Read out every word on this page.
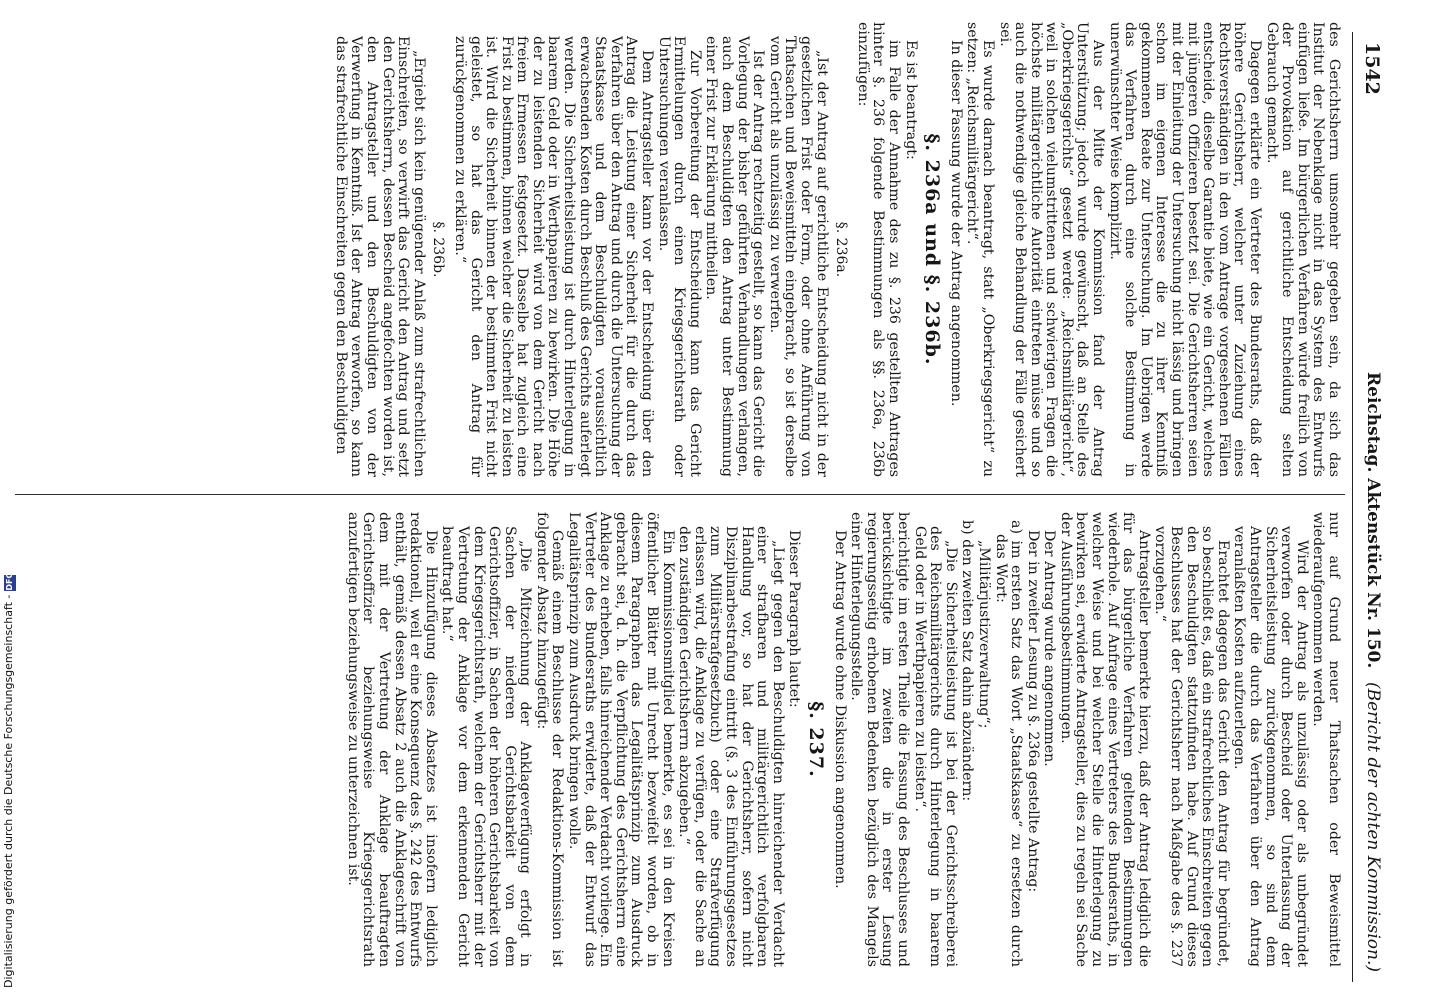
1542
Reichstag. Aktenstück Nr. 150.
(Bericht der achten Kommission.)

des Gerichtsherrn umsomehr gegeben sein, da sich das Institut der Nebenklage nicht in das System des Entwurfs einfügen ließe. Im bürgerlichen Verfahren würde freilich von der Provokation auf gerichtliche Entscheidung selten Gebrauch gemacht.

Dagegen erklärte ein Vertreter des Bundesraths, daß der höhere Gerichtsherr, welcher unter Zuziehung eines Rechtsverständigen in den vom Antrage vorgesehenen Fällen entscheide, dieselbe Garantie biete, wie ein Gericht, welches mit jüngeren Offizieren besetzt sei. Die Gerichtsherren seien mit der Einleitung der Untersuchung nicht lässig und bringen schon im eigenen Interesse die zu ihrer Kenntniß gekommenen Reate zur Untersuchung. Im Uebrigen werde das Verfahren durch eine solche Bestimmung in unerwünschter Weise komplizirt.

Aus der Mitte der Kommission fand der Antrag Unterstützung; jedoch wurde gewünscht, daß an Stelle des „Oberkriegsgerichts“ gesetzt werde: „Reichsmilitärgericht“, weil in solchen vielumstrittenen und schwierigen Fragen die höchste militärgerichtliche Autorität eintreten müsse und so auch die nothwendige gleiche Behandlung der Fälle gesichert sei.

Es wurde darnach beantragt, statt „Oberkriegsgericht“ zu setzen: „Reichsmilitärgericht“.

In dieser Fassung wurde der Antrag angenommen.

§. 236a und §. 236b.

Es ist beantragt:

im Falle der Annahme des zu §. 236 gestellten Antrages hinter §. 236 folgende Bestimmungen als §§. 236a, 236b einzufügen:

§. 236a.

„Ist der Antrag auf gerichtliche Entscheidung nicht in der gesetzlichen Frist oder Form, oder ohne Anführung von Thatsachen und Beweismitteln eingebracht, so ist derselbe vom Gericht als unzulässig zu verwerfen.

Ist der Antrag rechtzeitig gestellt, so kann das Gericht die Vorlegung der bisher geführten Verhandlungen verlangen, auch dem Beschuldigten den Antrag unter Bestimmung einer Frist zur Erklärung mittheilen.

Zur Vorbereitung der Entscheidung kann das Gericht Ermittelungen durch einen Kriegsgerichtsrath oder Untersuchungen veranlassen.

Dem Antragsteller kann vor der Entscheidung über den Antrag die Leistung einer Sicherheit für die durch das Verfahren über den Antrag und durch die Untersuchung der Staatskasse und dem Beschuldigten voraussichtlich erwachsenden Kosten durch Beschluß des Gerichts auferlegt werden. Die Sicherheitsleistung ist durch Hinterlegung in baarem Geld oder in Werthpapieren zu bewirken. Die Höhe der zu leistenden Sicherheit wird von dem Gericht nach freiem Ermessen festgesetzt. Dasselbe hat zugleich eine Frist zu bestimmen, binnen welcher die Sicherheit zu leisten ist. Wird die Sicherheit binnen der bestimmten Frist nicht geleistet, so hat das Gericht den Antrag für zurückgenommen zu erklären.“

§. 236b.

„Ergiebt sich kein genügender Anlaß zum strafrechtlichen Einschreiten, so verwirft das Gericht den Antrag und setzt den Gerichtsherrn, dessen Bescheid angefochten worden ist, den Antragsteller und den Beschuldigten von der Verwerfung in Kenntniß. Ist der Antrag verworfen, so kann das strafrechtliche Einschreiten gegen den Beschuldigten

nur auf Grund neuer Thatsachen oder Beweismittel wiederaufgenommen werden.

Wird der Antrag als unzulässig oder als unbegründet verworfen oder durch Bescheid oder Unterlassung der Sicherheitsleistung zurückgenommen, so sind dem Antragsteller die durch das Verfahren über den Antrag veranlaßten Kosten aufzuerlegen.

Erachtet dagegen das Gericht den Antrag für begründet, so beschließt es, daß ein strafrechtliches Einschreiten gegen den Beschuldigten stattzufinden habe. Auf Grund dieses Beschlusses hat der Gerichtsherr nach Maßgabe des §. 237 vorzugehen.“

Antragsteller bemerkte hierzu, daß der Antrag lediglich die für das bürgerliche Verfahren geltenden Bestimmungen wiederhole. Auf Anfrage eines Vertreters des Bundesraths, in welcher Weise und bei welcher Stelle die Hinterlegung zu bewirken sei, erwiderte Antragsteller, dies zu regeln sei Sache der Ausführungsbestimmungen.

Der Antrag wurde angenommen.

Der in zweiter Lesung zu §. 236a gestellte Antrag:

a) im ersten Satz das Wort „Staatskasse“ zu ersetzen durch das Wort:

„Militärjustizverwaltung“;

b) den zweiten Satz dahin abzuändern:

„Die Sicherheitsleistung ist bei der Gerichtsschreiberei des Reichsmilitärgerichts durch Hinterlegung in baarem Geld oder in Werthpapieren zu leisten“.

berichtigte im ersten Theile die Fassung des Beschlusses und berücksichtigte im zweiten die in erster Lesung regierungsseitig erhobenen Bedenken bezüglich des Mangels einer Hinterlegungsstelle.

Der Antrag wurde ohne Diskussion angenommen.

§. 237.

Dieser Paragraph lautet:

„Liegt gegen den Beschuldigten hinreichender Verdacht einer strafbaren und militärgerichtlich verfolgbaren Handlung vor, so hat der Gerichtsherr, sofern nicht Disziplinarbestrafung eintritt (§. 3 des Einführungsgesetzes zum Militärstrafgesetzbuch) oder eine Strafverfügung erlassen wird, die Anklage zu verfügen, oder die Sache an den zuständigen Gerichtsherrn abzugeben.“

Ein Kommissionsmitglied bemerkte, es sei in den Kreisen öffentlicher Blätter mit Unrecht bezweifelt worden, ob in diesem Paragraphen das Legalitätsprinzip zum Ausdruck gebracht sei, d. h. die Verpflichtung des Gerichtsherrn eine Anklage zu erheben, falls hinreichender Verdacht vorliege. Ein Vertreter des Bundesraths erwiderte, daß der Entwurf das Legalitätsprinzip zum Ausdruck bringen wolle.

Gemäß einem Beschlusse der Redaktions-Kommission ist folgender Absatz hinzugefügt:

„Die Mitzeichnung der Anklageverfügung erfolgt in Sachen der niederen Gerichtsbarkeit von dem Gerichtsoffizier, in Sachen der höheren Gerichtsbarkeit von dem Kriegsgerichtsrath, welchem der Gerichtsherr mit der Vertretung der Anklage vor dem erkennenden Gericht beauftragt hat.“

Die Hinzufügung dieses Absatzes ist insofern lediglich redaktionell, weil er eine Konsequenz des §. 242 des Entwurfs enthält, gemäß dessen Absatz 2 auch die Anklageschrift von dem mit der Vertretung der Anklage beauftragten Gerichtsoffizier beziehungsweise Kriegsgerichtsrath anzufertigen beziehungsweise zu unterzeichnen ist.

Digitalisierung gefördert durch die Deutsche Forschungsgemeinschaft -DFG
